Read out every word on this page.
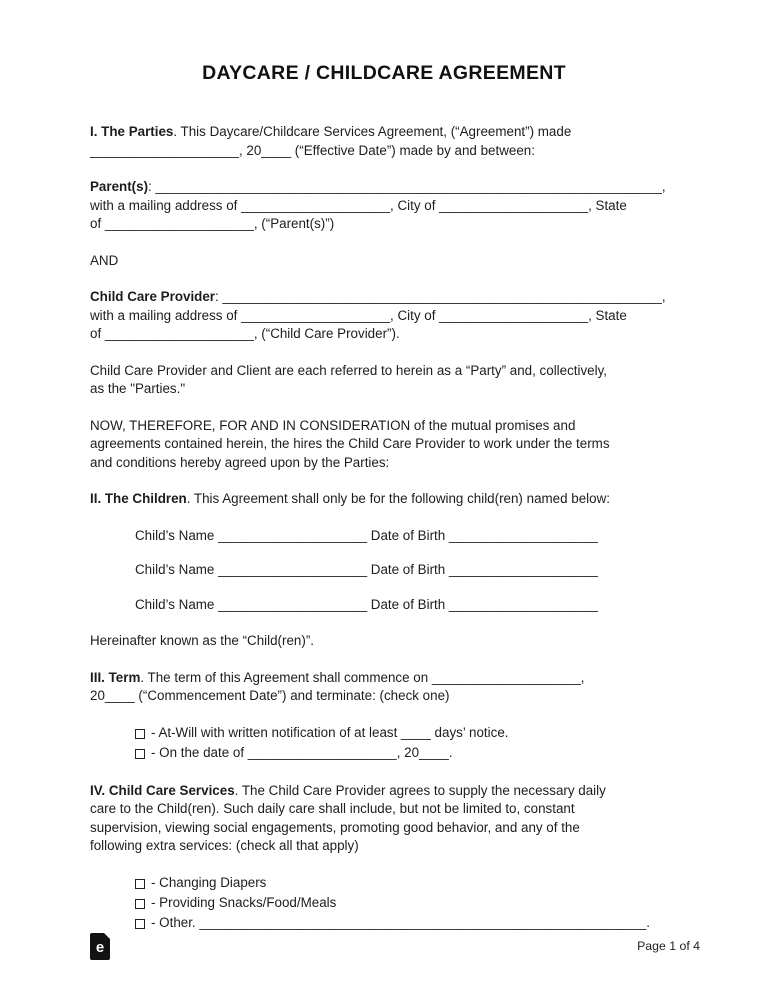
DAYCARE / CHILDCARE AGREEMENT

I. The Parties. This Daycare/Childcare Services Agreement, (“Agreement”) made
____________________, 20____ (“Effective Date”) made by and between:

Parent(s): ____________________________________________________________________,
with a mailing address of ____________________, City of ____________________, State
of ____________________, (“Parent(s)”)

AND

Child Care Provider: ___________________________________________________________,
with a mailing address of ____________________, City of ____________________, State
of ____________________, (“Child Care Provider”).

Child Care Provider and Client are each referred to herein as a “Party” and, collectively,
as the "Parties."

NOW, THEREFORE, FOR AND IN CONSIDERATION of the mutual promises and
agreements contained herein, the hires the Child Care Provider to work under the terms
and conditions hereby agreed upon by the Parties:

II. The Children. This Agreement shall only be for the following child(ren) named below:

Child’s Name ____________________ Date of Birth ____________________
Child’s Name ____________________ Date of Birth ____________________
Child’s Name ____________________ Date of Birth ____________________

Hereinafter known as the “Child(ren)”.

III. Term. The term of this Agreement shall commence on ____________________,
20____ (“Commencement Date”) and terminate: (check one)

- At-Will with written notification of at least ____ days’ notice.
- On the date of ____________________, 20____.

IV. Child Care Services. The Child Care Provider agrees to supply the necessary daily
care to the Child(ren). Such daily care shall include, but not be limited to, constant
supervision, viewing social engagements, promoting good behavior, and any of the
following extra services: (check all that apply)

- Changing Diapers
- Providing Snacks/Food/Meals
- Other. ____________________________________________________________.
e	Page 1 of 4
